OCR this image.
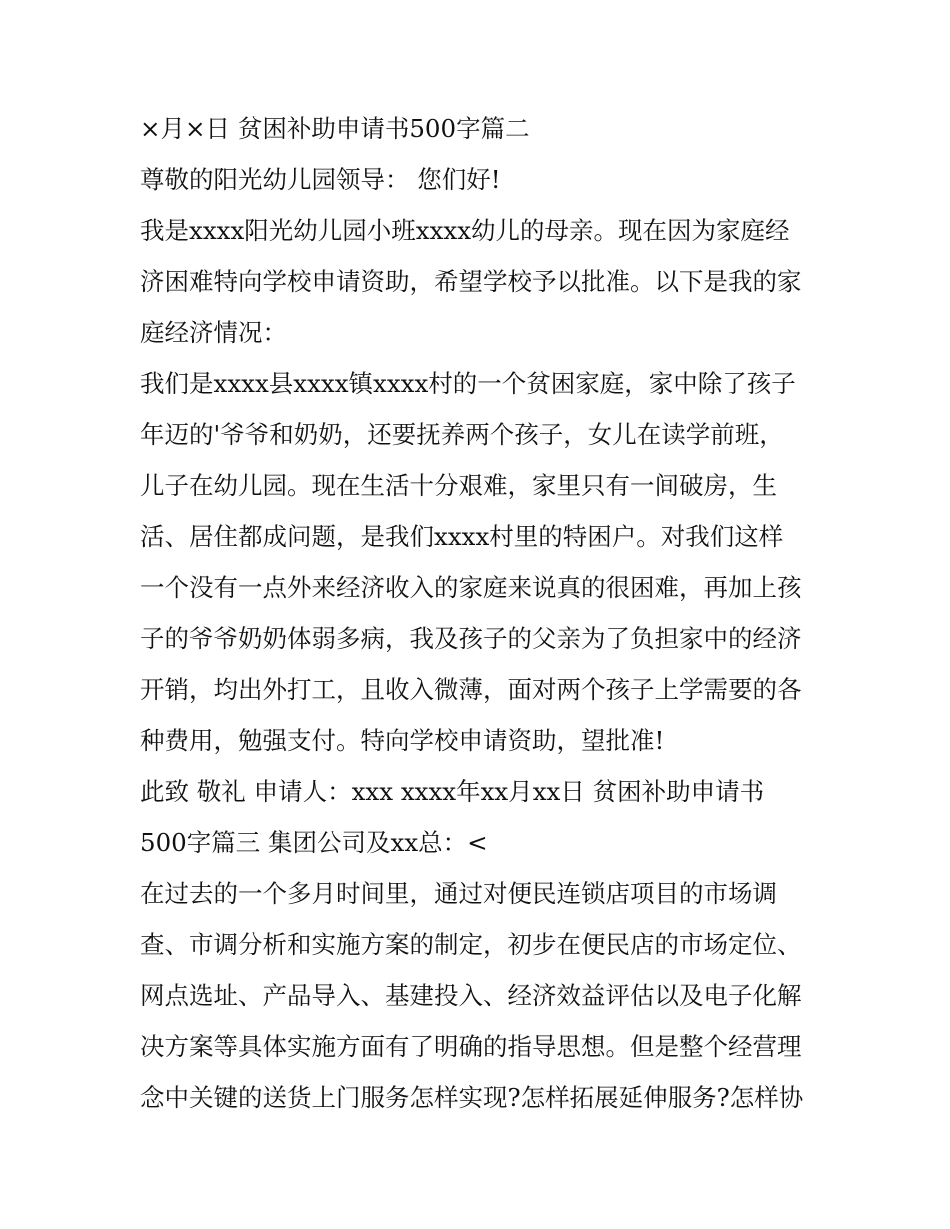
×月×日 贫困补助申请书500字篇二
尊敬的阳光幼儿园领导： 您们好!
我是xxxx阳光幼儿园小班xxxx幼儿的母亲。现在因为家庭经
济困难特向学校申请资助，希望学校予以批准。以下是我的家
庭经济情况：
我们是xxxx县xxxx镇xxxx村的一个贫困家庭，家中除了孩子
年迈的'爷爷和奶奶，还要抚养两个孩子，女儿在读学前班，
儿子在幼儿园。现在生活十分艰难，家里只有一间破房，生
活、居住都成问题，是我们xxxx村里的特困户。对我们这样
一个没有一点外来经济收入的家庭来说真的很困难，再加上孩
子的爷爷奶奶体弱多病，我及孩子的父亲为了负担家中的经济
开销，均出外打工，且收入微薄，面对两个孩子上学需要的各
种费用，勉强支付。特向学校申请资助，望批准!
此致 敬礼 申请人：xxx xxxx年xx月xx日 贫困补助申请书
500字篇三 集团公司及xx总：<
在过去的一个多月时间里，通过对便民连锁店项目的市场调
查、市调分析和实施方案的制定，初步在便民店的市场定位、
网点选址、产品导入、基建投入、经济效益评估以及电子化解
决方案等具体实施方面有了明确的指导思想。但是整个经营理
念中关键的送货上门服务怎样实现?怎样拓展延伸服务?怎样协
